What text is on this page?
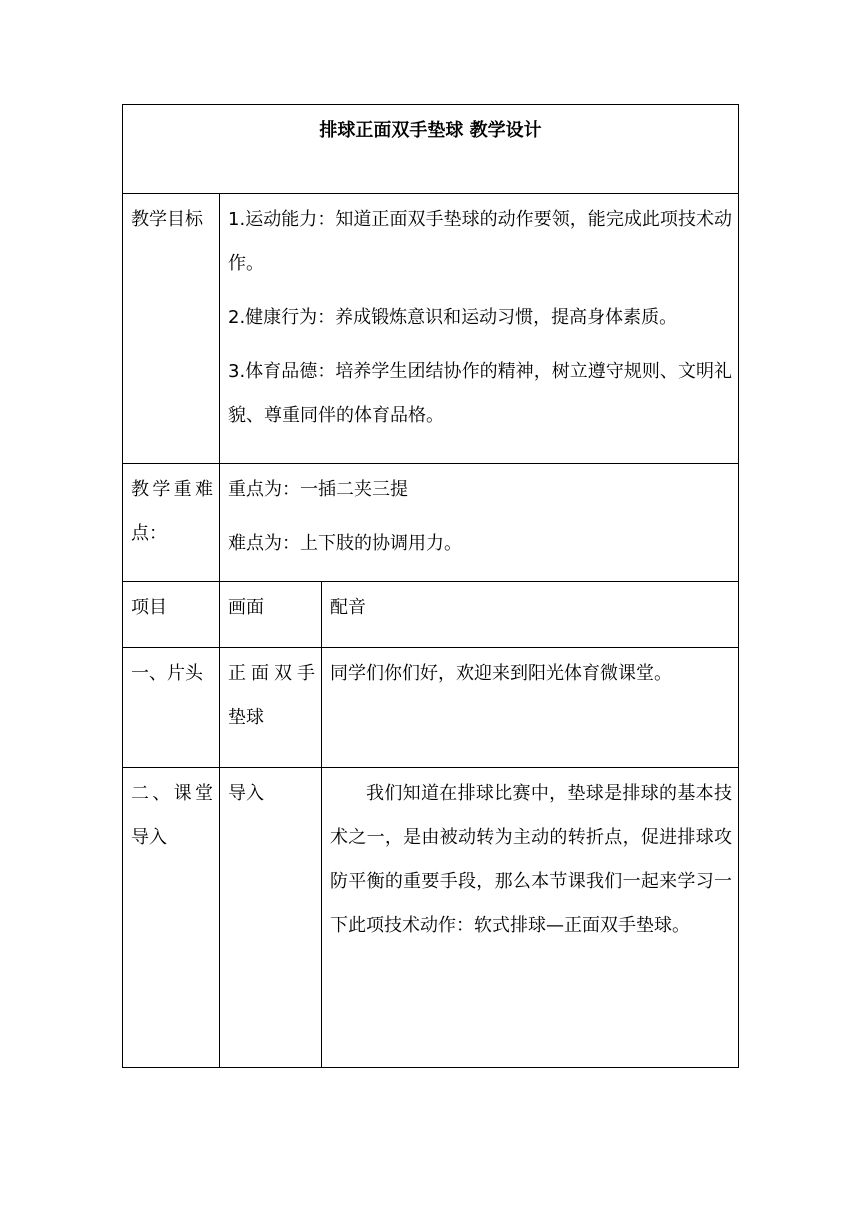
排球正面双手垫球 教学设计		

教学目标	1.运动能力：知道正面双手垫球的动作要领，能完成此项技术动作。
2.健康行为：养成锻炼意识和运动习惯，提高身体素质。
3.体育品德：培养学生团结协作的精神，树立遵守规则、文明礼貌、尊重同伴的体育品格。	

教学重难点：	重点为：一插二夹三提
难点为：上下肢的协调用力。	

项目	画面	配音

一、片头	正面双手垫球	同学们你们好，欢迎来到阳光体育微课堂。

二、课堂导入	导入	我们知道在排球比赛中，垫球是排球的基本技术之一，是由被动转为主动的转折点，促进排球攻防平衡的重要手段，那么本节课我们一起来学习一下此项技术动作：软式排球—正面双手垫球。
